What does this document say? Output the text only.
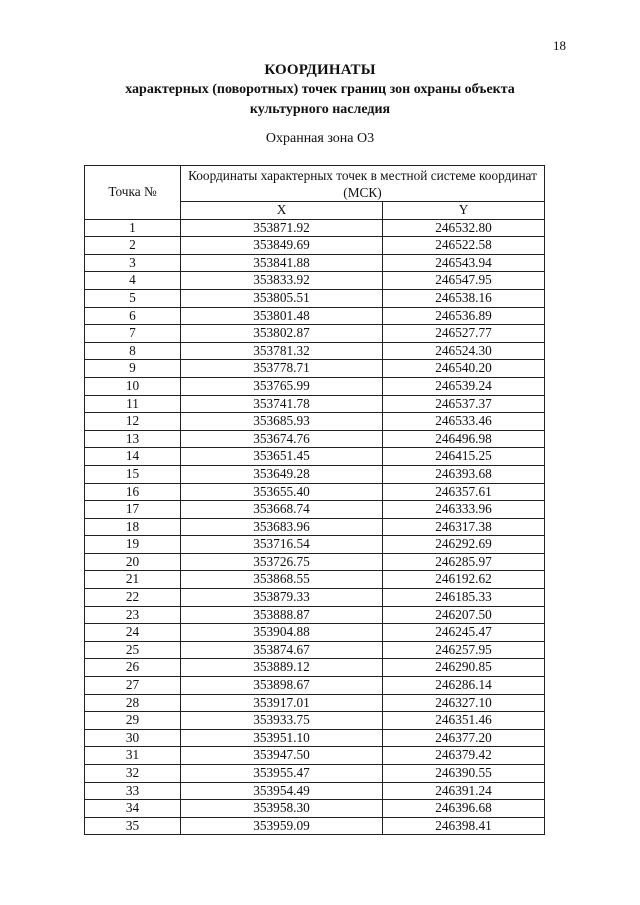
18
КООРДИНАТЫ
характерных (поворотных) точек границ зон охраны объекта
культурного наследия
Охранная зона О3
Точка №	Координаты характерных точек в местной системе координат (МСК)	
	X	Y
1	353871.92	246532.80
2	353849.69	246522.58
3	353841.88	246543.94
4	353833.92	246547.95
5	353805.51	246538.16
6	353801.48	246536.89
7	353802.87	246527.77
8	353781.32	246524.30
9	353778.71	246540.20
10	353765.99	246539.24
11	353741.78	246537.37
12	353685.93	246533.46
13	353674.76	246496.98
14	353651.45	246415.25
15	353649.28	246393.68
16	353655.40	246357.61
17	353668.74	246333.96
18	353683.96	246317.38
19	353716.54	246292.69
20	353726.75	246285.97
21	353868.55	246192.62
22	353879.33	246185.33
23	353888.87	246207.50
24	353904.88	246245.47
25	353874.67	246257.95
26	353889.12	246290.85
27	353898.67	246286.14
28	353917.01	246327.10
29	353933.75	246351.46
30	353951.10	246377.20
31	353947.50	246379.42
32	353955.47	246390.55
33	353954.49	246391.24
34	353958.30	246396.68
35	353959.09	246398.41
